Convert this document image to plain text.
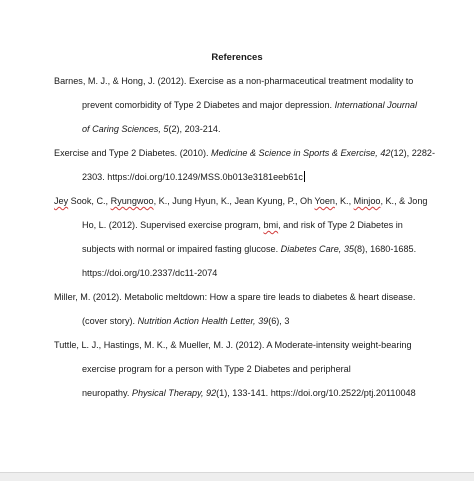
References
Barnes, M. J., & Hong, J. (2012). Exercise as a non-pharmaceutical treatment modality to
prevent comorbidity of Type 2 Diabetes and major depression. International Journal
of Caring Sciences, 5(2), 203-214.
Exercise and Type 2 Diabetes. (2010). Medicine & Science in Sports & Exercise, 42(12), 2282-
2303. https://doi.org/10.1249/MSS.0b013e3181eeb61c
Jey Sook, C., Ryungwoo, K., Jung Hyun, K., Jean Kyung, P., Oh Yoen, K., Minjoo, K., & Jong
Ho, L. (2012). Supervised exercise program, bmi, and risk of Type 2 Diabetes in
subjects with normal or impaired fasting glucose. Diabetes Care, 35(8), 1680-1685.
https://doi.org/10.2337/dc11-2074
Miller, M. (2012). Metabolic meltdown: How a spare tire leads to diabetes & heart disease.
(cover story). Nutrition Action Health Letter, 39(6), 3
Tuttle, L. J., Hastings, M. K., & Mueller, M. J. (2012). A Moderate-intensity weight-bearing
exercise program for a person with Type 2 Diabetes and peripheral
neuropathy. Physical Therapy, 92(1), 133-141. https://doi.org/10.2522/ptj.20110048
